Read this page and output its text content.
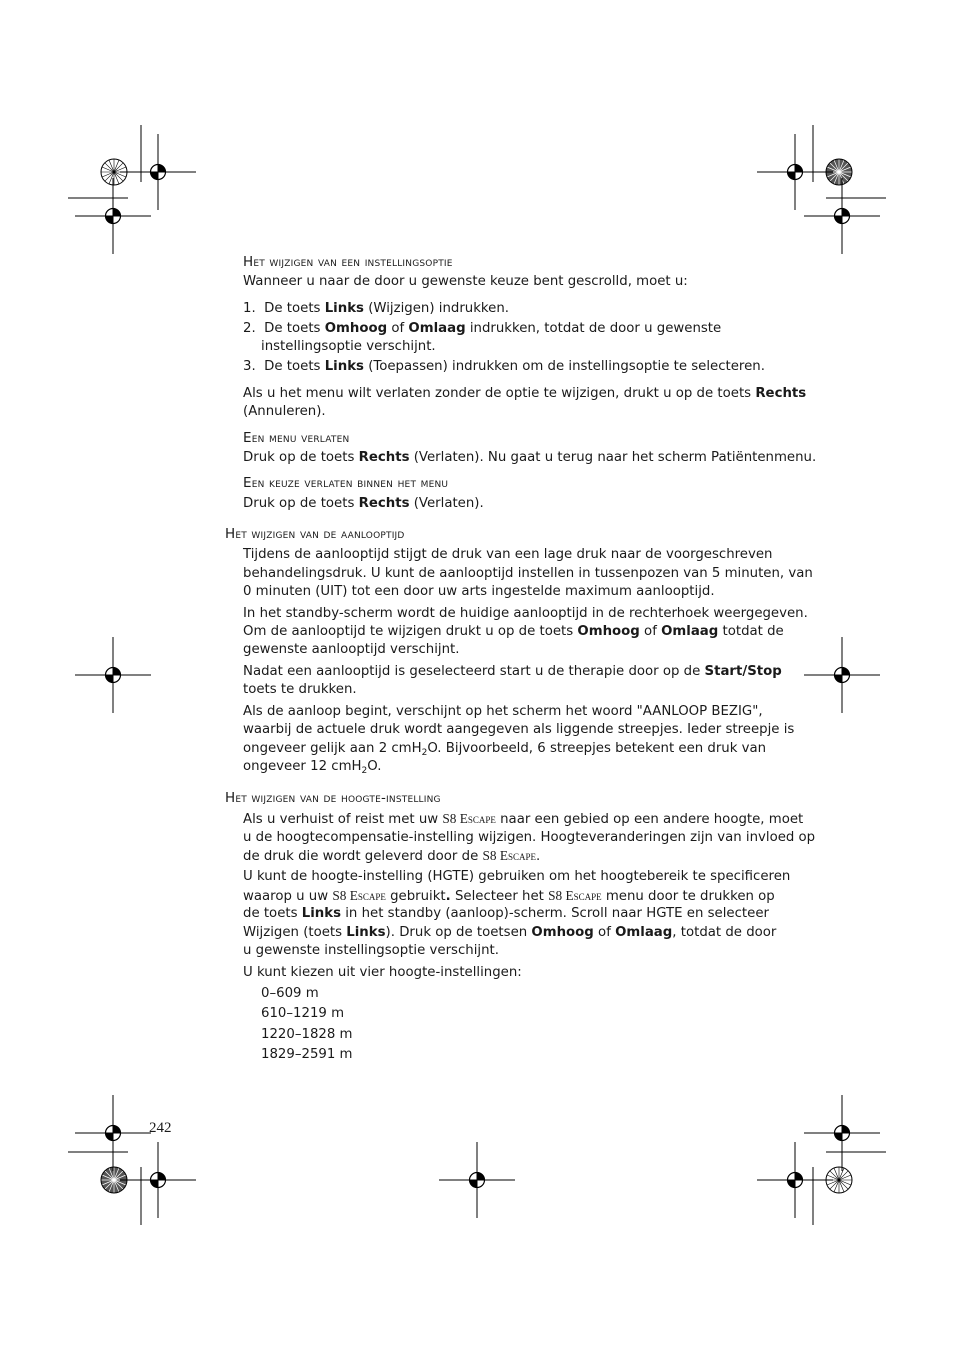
Het wijzigen van een instellingsoptie
Wanneer u naar de door u gewenste keuze bent gescrolld, moet u:
1. De toets Links (Wijzigen) indrukken.
2. De toets Omhoog of Omlaag indrukken, totdat de door u gewenste
instellingsoptie verschijnt.
3. De toets Links (Toepassen) indrukken om de instellingsoptie te selecteren.
Als u het menu wilt verlaten zonder de optie te wijzigen, drukt u op de toets Rechts
(Annuleren).
Een menu verlaten
Druk op de toets Rechts (Verlaten). Nu gaat u terug naar het scherm Patiëntenmenu.
Een keuze verlaten binnen het menu
Druk op de toets Rechts (Verlaten).
Het wijzigen van de aanlooptijd
Tijdens de aanlooptijd stijgt de druk van een lage druk naar de voorgeschreven
behandelingsdruk. U kunt de aanlooptijd instellen in tussenpozen van 5 minuten, van
0 minuten (UIT) tot een door uw arts ingestelde maximum aanlooptijd.
In het standby-scherm wordt de huidige aanlooptijd in de rechterhoek weergegeven.
Om de aanlooptijd te wijzigen drukt u op de toets Omhoog of Omlaag totdat de
gewenste aanlooptijd verschijnt.
Nadat een aanlooptijd is geselecteerd start u de therapie door op de Start/Stop
toets te drukken.
Als de aanloop begint, verschijnt op het scherm het woord "AANLOOP BEZIG",
waarbij de actuele druk wordt aangegeven als liggende streepjes. Ieder streepje is
ongeveer gelijk aan 2 cmH$_2$O. Bijvoorbeeld, 6 streepjes betekent een druk van
ongeveer 12 cmH$_2$O.
Het wijzigen van de hoogte-instelling
Als u verhuist of reist met uw S8 Escape naar een gebied op een andere hoogte, moet
u de hoogtecompensatie-instelling wijzigen. Hoogteveranderingen zijn van invloed op
de druk die wordt geleverd door de S8 Escape.
U kunt de hoogte-instelling (HGTE) gebruiken om het hoogtebereik te specificeren
waarop u uw S8 Escape gebruikt. Selecteer het S8 Escape menu door te drukken op
de toets Links in het standby (aanloop)-scherm. Scroll naar HGTE en selecteer
Wijzigen (toets Links). Druk op de toetsen Omhoog of Omlaag, totdat de door
u gewenste instellingsoptie verschijnt.
U kunt kiezen uit vier hoogte-instellingen:
0–609 m
610–1219 m
1220–1828 m
1829–2591 m
242
